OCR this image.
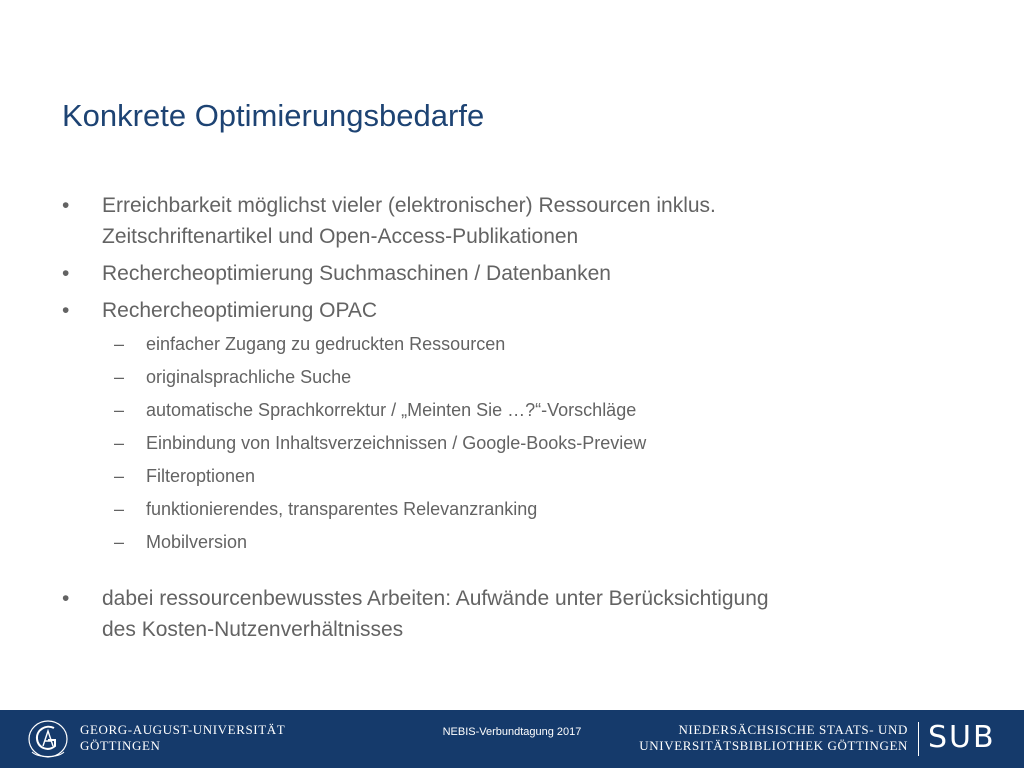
Konkrete Optimierungsbedarfe
•	Erreichbarkeit möglichst vieler (elektronischer) Ressourcen inklus.
Zeitschriftenartikel und Open-Access-Publikationen
•	Rechercheoptimierung Suchmaschinen / Datenbanken
•	Rechercheoptimierung OPAC
– einfacher Zugang zu gedruckten Ressourcen
– originalsprachliche Suche
– automatische Sprachkorrektur / „Meinten Sie …?“-Vorschläge
– Einbindung von Inhaltsverzeichnissen / Google-Books-Preview
– Filteroptionen
– funktionierendes, transparentes Relevanzranking
– Mobilversion
•	dabei ressourcenbewusstes Arbeiten: Aufwände unter Berücksichtigung
des Kosten-Nutzenverhältnisses
GEORG-AUGUST-UNIVERSITÄT
GÖTTINGEN
NEBIS-Verbundtagung 2017	NIEDERSÄCHSISCHE STAATS- UND
UNIVERSITÄTSBIBLIOTHEK GÖTTINGEN SUB
